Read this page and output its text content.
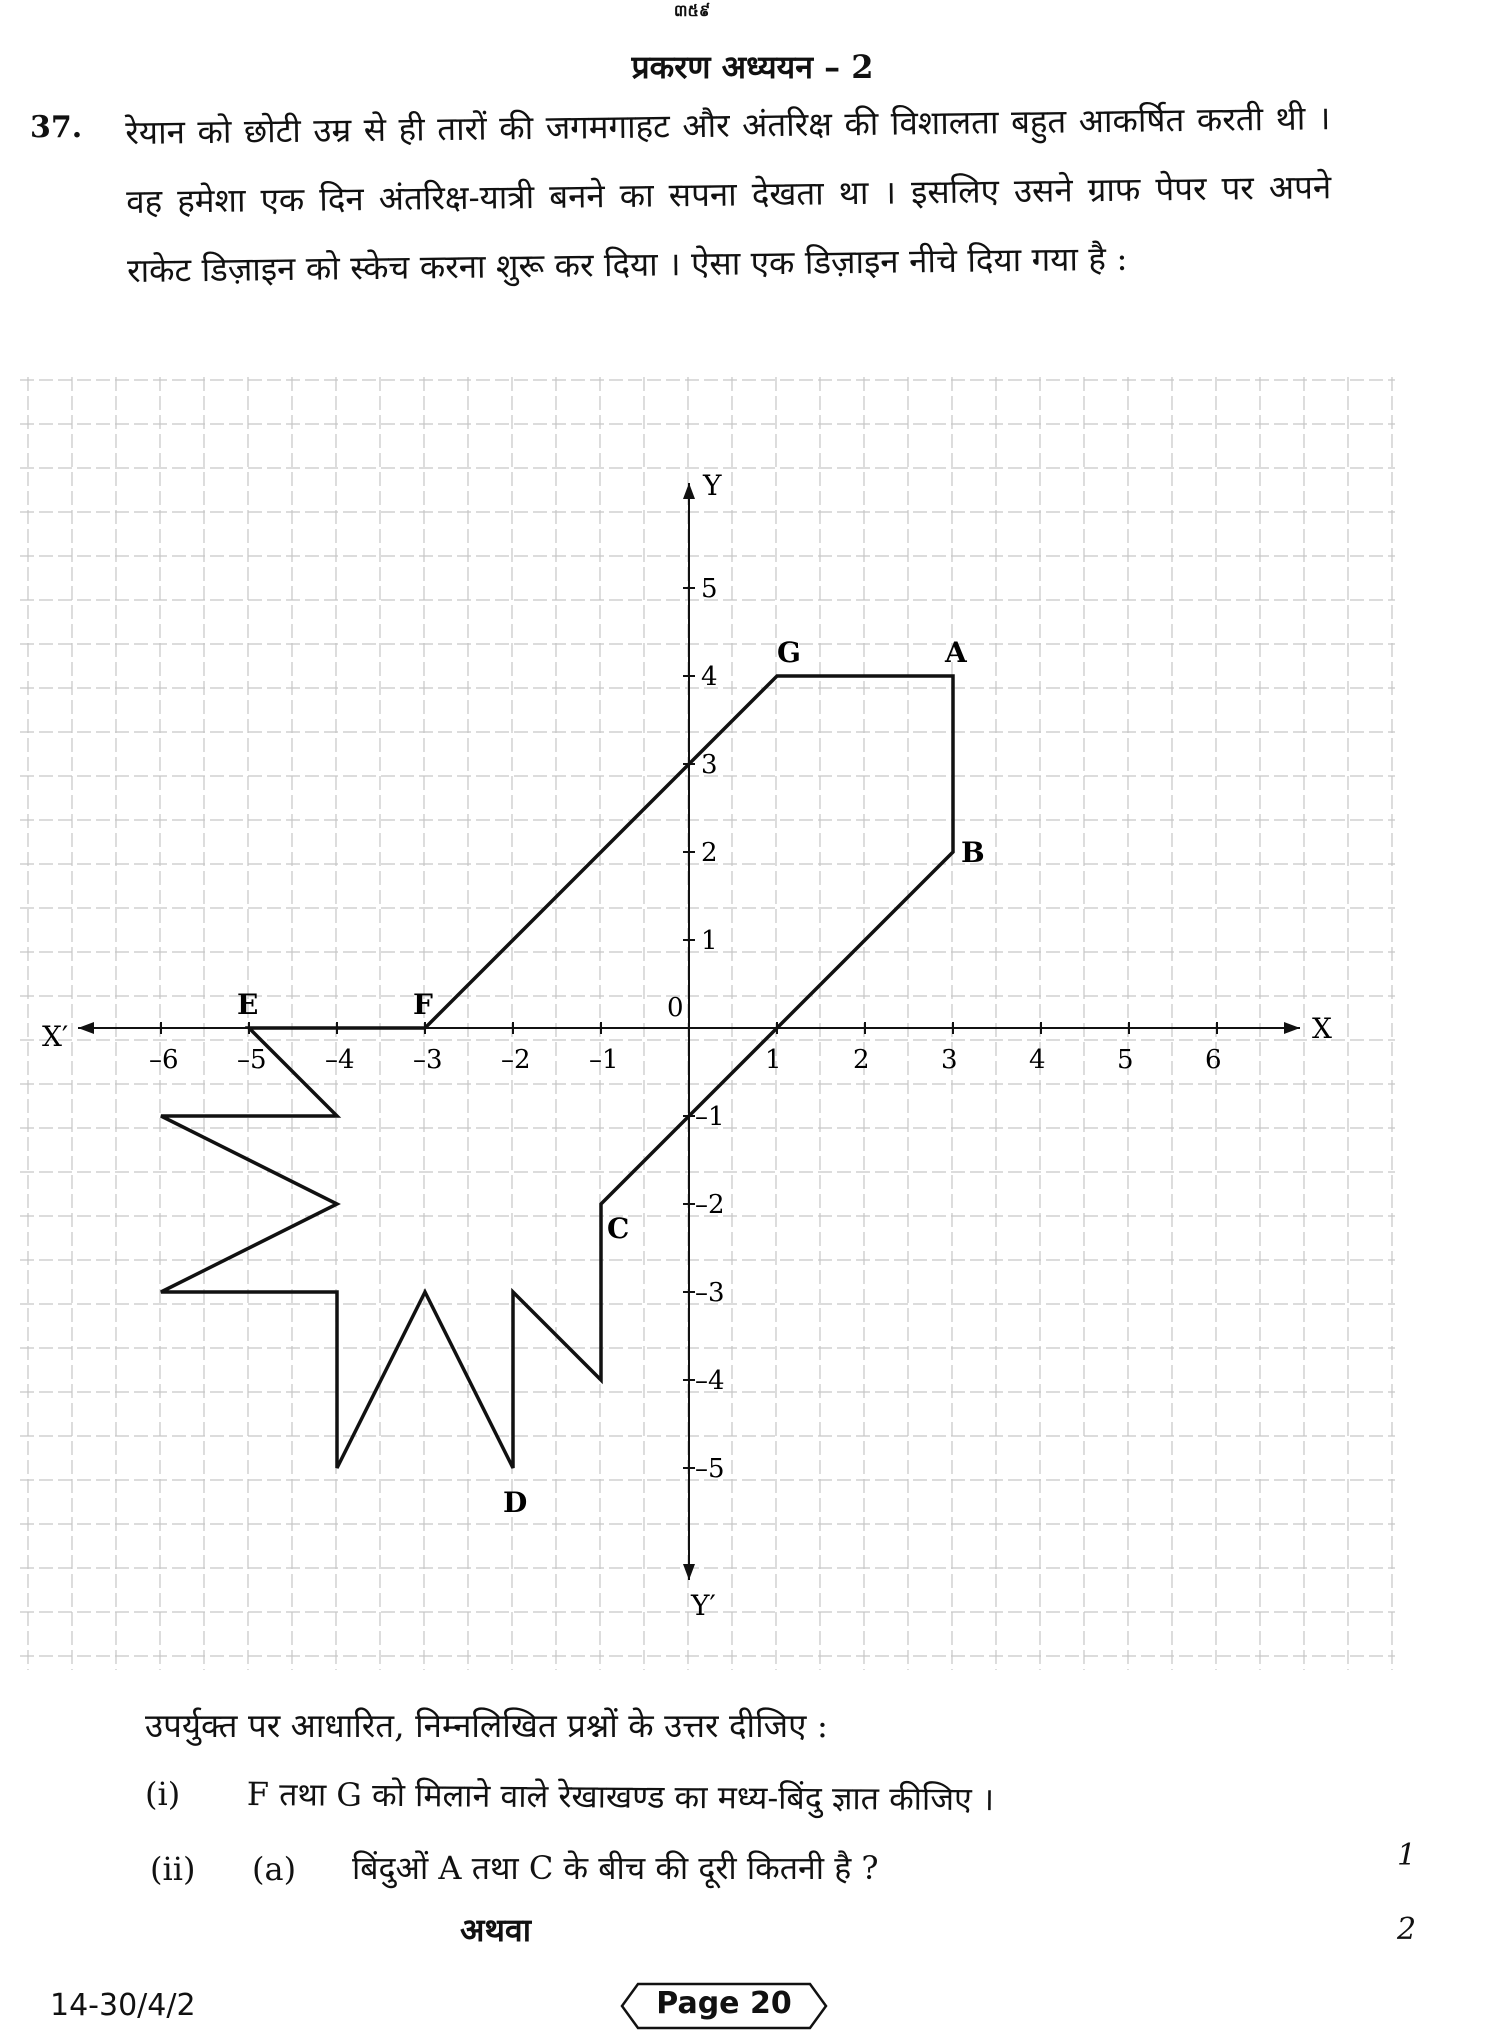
៣៥៩
प्रकरण अध्ययन – 2
37. रेयान को छोटी उम्र से ही तारों की जगमगाहट और अंतरिक्ष की विशालता बहुत आकर्षित करती थी । वह हमेशा एक दिन अंतरिक्ष-यात्री बनने का सपना देखता था । इसलिए उसने ग्राफ पेपर पर अपने राकेट डिज़ाइन को स्केच करना शुरू कर दिया । ऐसा एक डिज़ाइन नीचे दिया गया है :
X
X′
Y
Y′
0
–6 –5 –4 –3 –2 –1	1	2	3	4	5	6
5
4
3
2
1
–1
–2
–3
–4
–5
A
B
C
D
E	F
G
उपर्युक्त पर आधारित, निम्नलिखित प्रश्नों के उत्तर दीजिए :
(i) F तथा G को मिलाने वाले रेखाखण्ड का मध्य-बिंदु ज्ञात कीजिए ।
(ii) (a) बिंदुओं A तथा C के बीच की दूरी कितनी है ?
अथवा
1
2
14-30/4/2	Page 20
